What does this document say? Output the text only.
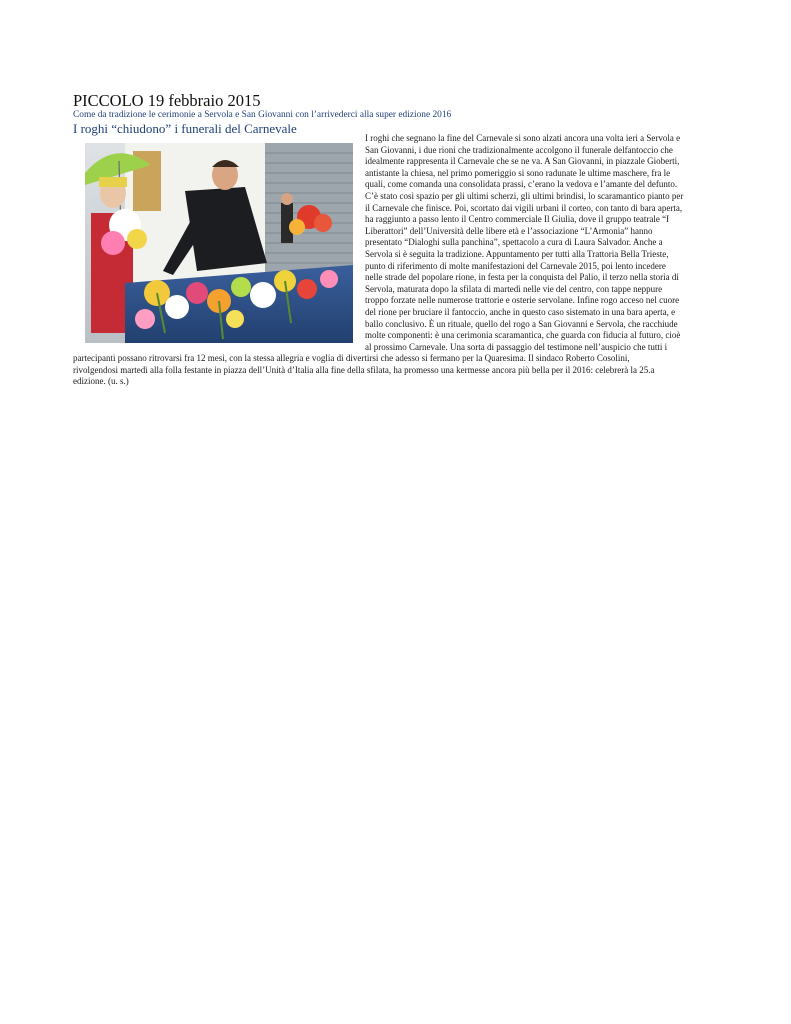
PICCOLO 19 febbraio 2015
Come da tradizione le cerimonie a Servola e San Giovanni con l’arrivederci alla super edizione 2016
I roghi “chiudono” i funerali del Carnevale
I roghi che segnano la fine del Carnevale si sono alzati ancora una volta ieri a Servola e
San Giovanni, i due rioni che tradizionalmente accolgono il funerale delfantoccio che
idealmente rappresenta il Carnevale che se ne va. A San Giovanni, in piazzale Gioberti,
antistante la chiesa, nel primo pomeriggio si sono radunate le ultime maschere, fra le
quali, come comanda una consolidata prassi, c’erano la vedova e l’amante del defunto.
C’è stato così spazio per gli ultimi scherzi, gli ultimi brindisi, lo scaramantico pianto per
il Carnevale che finisce. Poi, scortato dai vigili urbani il corteo, con tanto di bara aperta,
ha raggiunto a passo lento il Centro commerciale Il Giulia, dove il gruppo teatrale “I
Liberattori” dell’Università delle libere età e l’associazione “L’Armonia” hanno
presentato “Dialoghi sulla panchina”, spettacolo a cura di Laura Salvador. Anche a
Servola si è seguita la tradizione. Appuntamento per tutti alla Trattoria Bella Trieste,
punto di riferimento di molte manifestazioni del Carnevale 2015, poi lento incedere
nelle strade del popolare rione, in festa per la conquista del Palio, il terzo nella storia di
Servola, maturata dopo la sfilata di martedì nelle vie del centro, con tappe neppure
troppo forzate nelle numerose trattorie e osterie servolane. Infine rogo acceso nel cuore
del rione per bruciare il fantoccio, anche in questo caso sistemato in una bara aperta, e
ballo conclusivo. È un rituale, quello del rogo a San Giovanni e Servola, che racchiude
molte componenti: è una cerimonia scaramantica, che guarda con fiducia al futuro, cioè
al prossimo Carnevale. Una sorta di passaggio del testimone nell’auspicio che tutti i
partecipanti possano ritrovarsi fra 12 mesi, con la stessa allegria e voglia di divertirsi che adesso si fermano per la Quaresima. Il sindaco Roberto Cosolini,
rivolgendosi martedì alla folla festante in piazza dell’Unità d’Italia alla fine della sfilata, ha promesso una kermesse ancora più bella per il 2016: celebrerà la 25.a
edizione. (u. s.)
